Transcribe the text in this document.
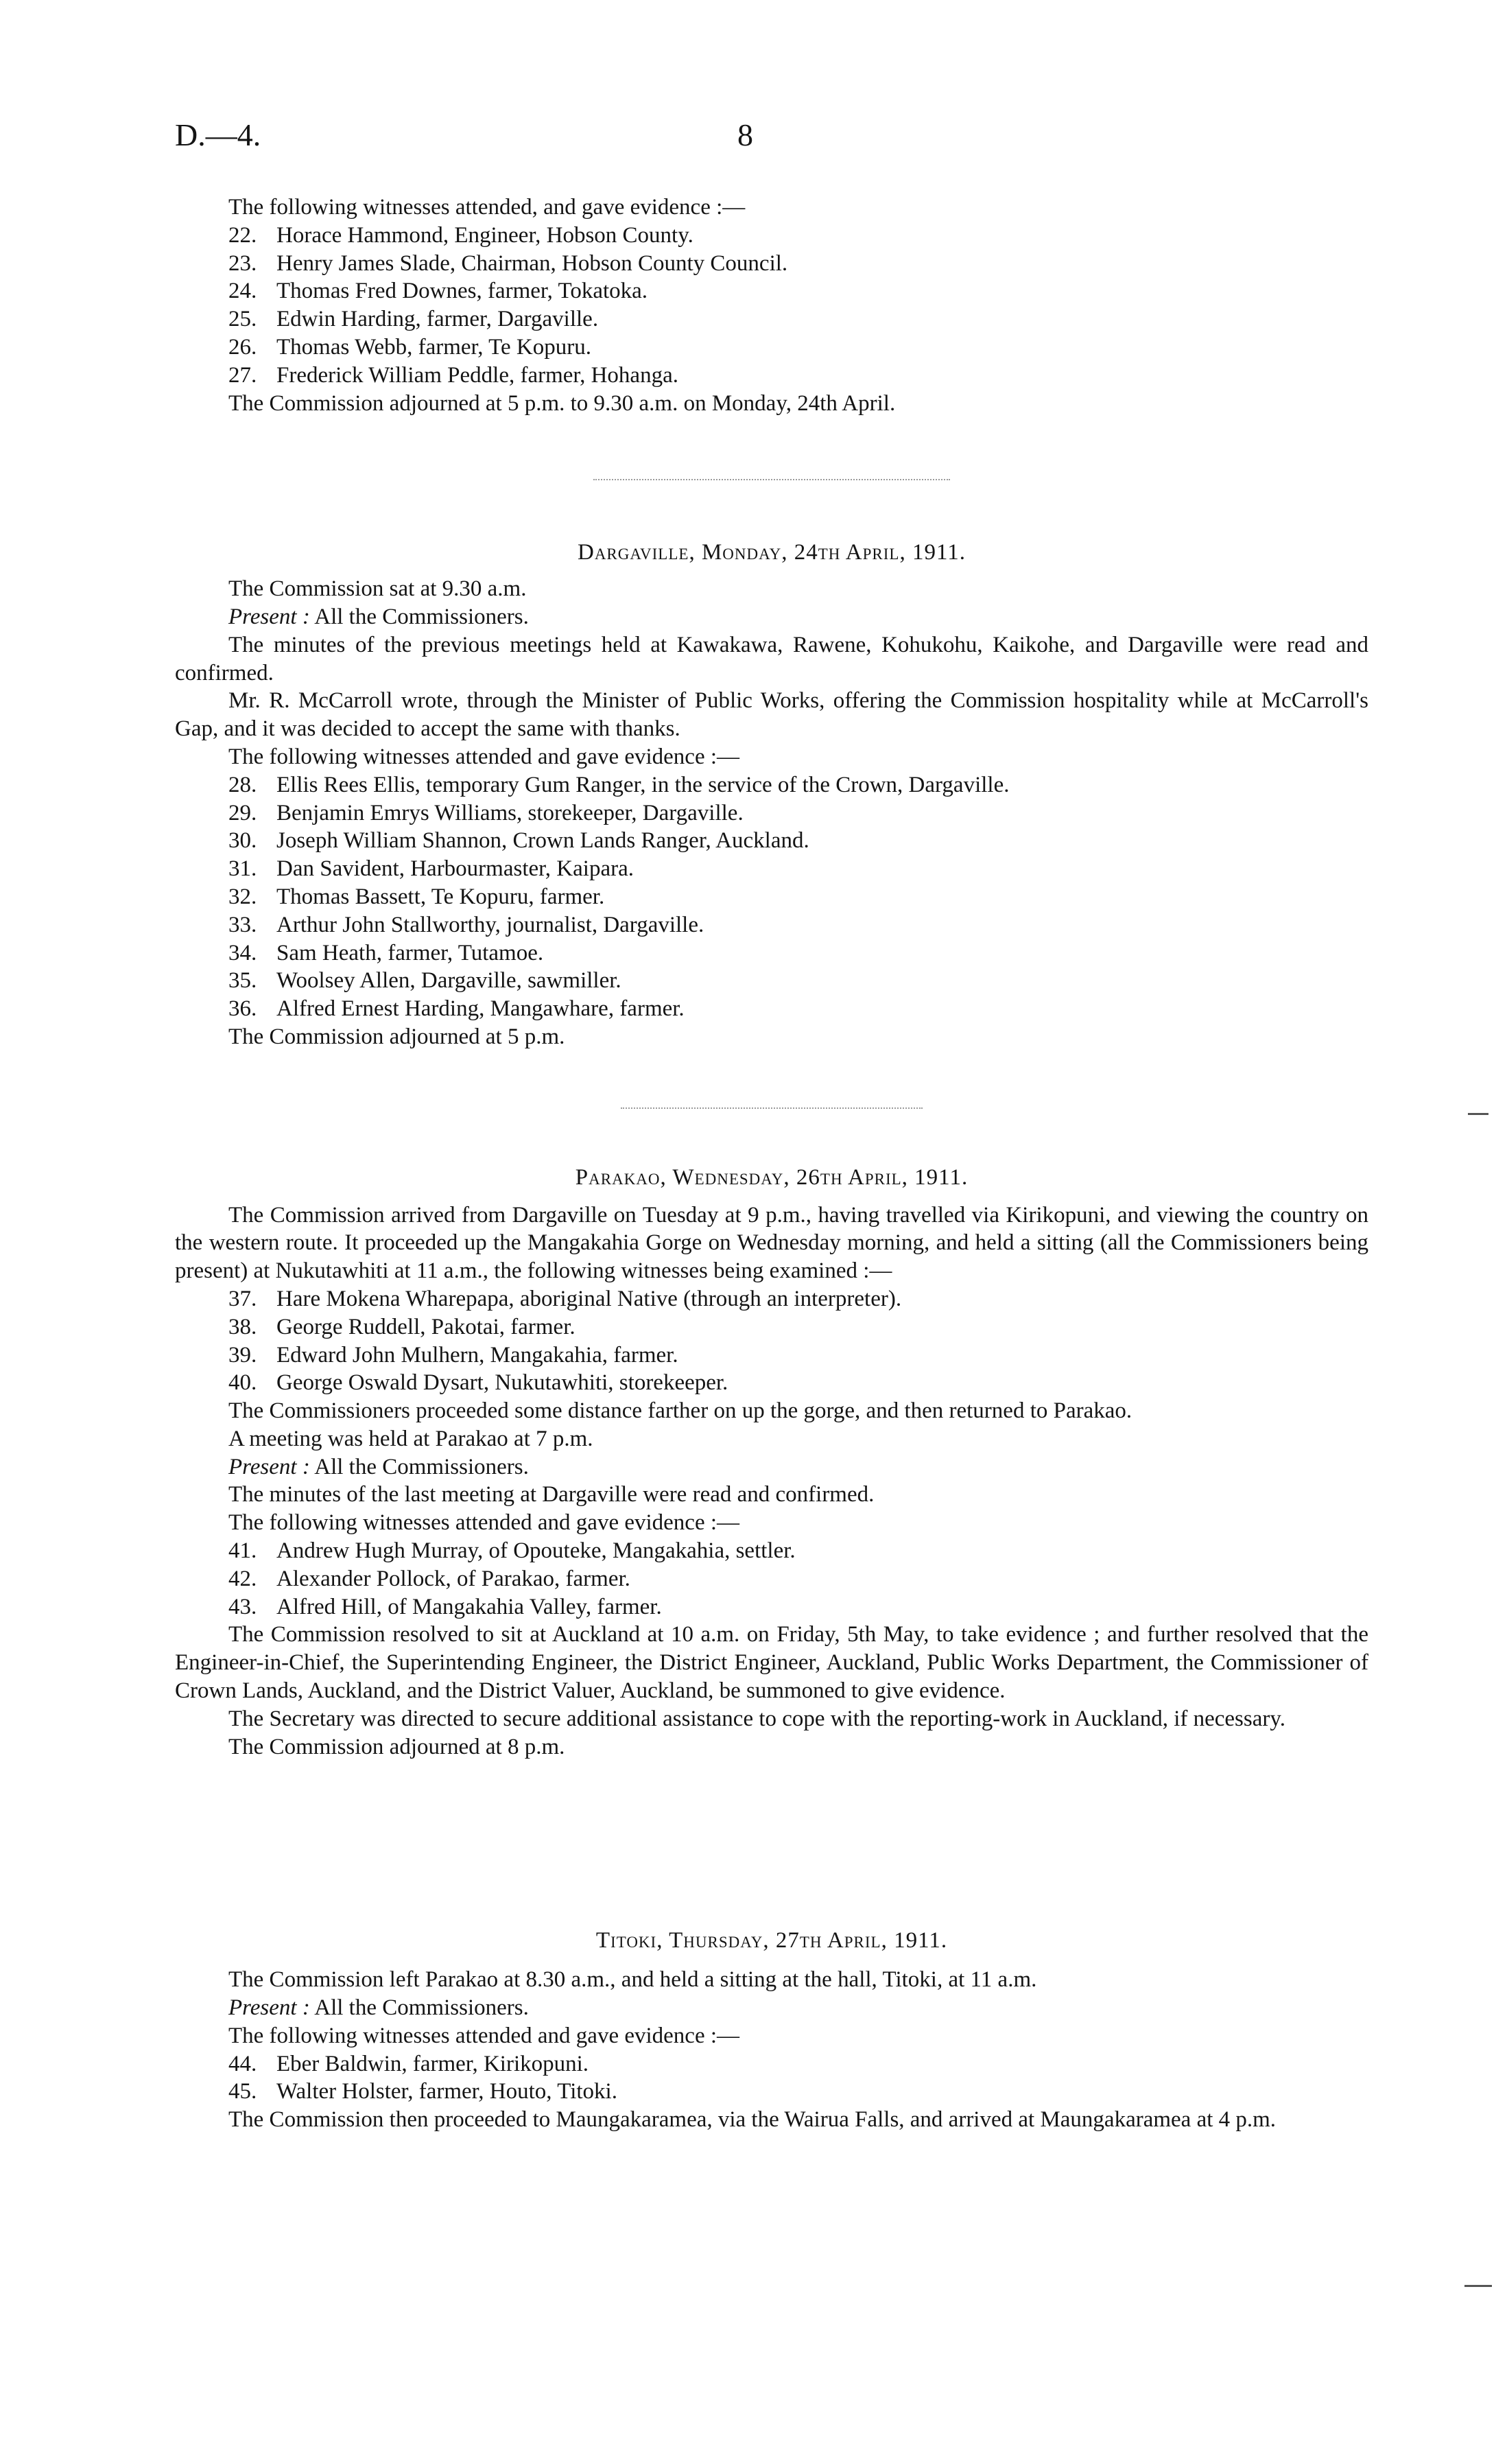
D.—4.	8

The following witnesses attended, and gave evidence :—

22. Horace Hammond, Engineer, Hobson County.

23. Henry James Slade, Chairman, Hobson County Council.

24. Thomas Fred Downes, farmer, Tokatoka.

25. Edwin Harding, farmer, Dargaville.

26. Thomas Webb, farmer, Te Kopuru.

27. Frederick William Peddle, farmer, Hohanga.

The Commission adjourned at 5 p.m. to 9.30 a.m. on Monday, 24th April.

Dargaville, Monday, 24th April, 1911.

The Commission sat at 9.30 a.m.

Present : All the Commissioners.

The minutes of the previous meetings held at Kawakawa, Rawene, Kohukohu, Kaikohe, and Dargaville were read and confirmed.

Mr. R. McCarroll wrote, through the Minister of Public Works, offering the Commission hospitality while at McCarroll's Gap, and it was decided to accept the same with thanks.

The following witnesses attended and gave evidence :—

28. Ellis Rees Ellis, temporary Gum Ranger, in the service of the Crown, Dargaville.

29. Benjamin Emrys Williams, storekeeper, Dargaville.

30. Joseph William Shannon, Crown Lands Ranger, Auckland.

31. Dan Savident, Harbourmaster, Kaipara.

32. Thomas Bassett, Te Kopuru, farmer.

33. Arthur John Stallworthy, journalist, Dargaville.

34. Sam Heath, farmer, Tutamoe.

35. Woolsey Allen, Dargaville, sawmiller.

36. Alfred Ernest Harding, Mangawhare, farmer.

The Commission adjourned at 5 p.m.

Parakao, Wednesday, 26th April, 1911.

The Commission arrived from Dargaville on Tuesday at 9 p.m., having travelled via Kirikopuni, and viewing the country on the western route. It proceeded up the Mangakahia Gorge on Wednesday morning, and held a sitting (all the Commissioners being present) at Nukutawhiti at 11 a.m., the following witnesses being examined :—

37. Hare Mokena Wharepapa, aboriginal Native (through an interpreter).

38. George Ruddell, Pakotai, farmer.

39. Edward John Mulhern, Mangakahia, farmer.

40. George Oswald Dysart, Nukutawhiti, storekeeper.

The Commissioners proceeded some distance farther on up the gorge, and then returned to Parakao.

A meeting was held at Parakao at 7 p.m.

Present : All the Commissioners.

The minutes of the last meeting at Dargaville were read and confirmed.

The following witnesses attended and gave evidence :—

41. Andrew Hugh Murray, of Opouteke, Mangakahia, settler.

42. Alexander Pollock, of Parakao, farmer.

43. Alfred Hill, of Mangakahia Valley, farmer.

The Commission resolved to sit at Auckland at 10 a.m. on Friday, 5th May, to take evidence ; and further resolved that the Engineer-in-Chief, the Superintending Engineer, the District Engineer, Auckland, Public Works Department, the Commissioner of Crown Lands, Auckland, and the District Valuer, Auckland, be summoned to give evidence.

The Secretary was directed to secure additional assistance to cope with the reporting-work in Auckland, if necessary.

The Commission adjourned at 8 p.m.

Titoki, Thursday, 27th April, 1911.

The Commission left Parakao at 8.30 a.m., and held a sitting at the hall, Titoki, at 11 a.m.

Present : All the Commissioners.

The following witnesses attended and gave evidence :—

44. Eber Baldwin, farmer, Kirikopuni.

45. Walter Holster, farmer, Houto, Titoki.

The Commission then proceeded to Maungakaramea, via the Wairua Falls, and arrived at Maungakaramea at 4 p.m.
